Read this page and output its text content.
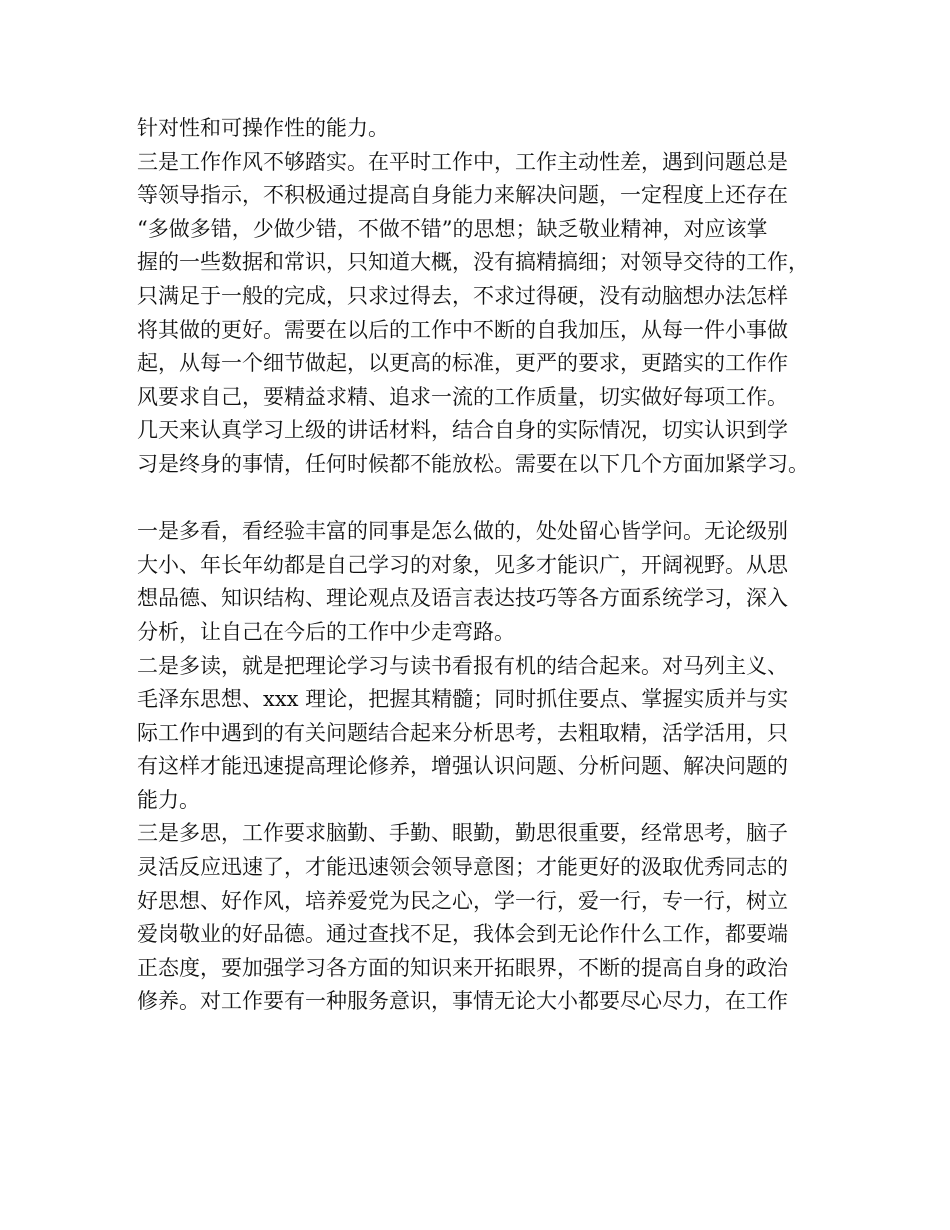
针对性和可操作性的能力。
三是工作作风不够踏实。在平时工作中，工作主动性差，遇到问题总是
等领导指示，不积极通过提高自身能力来解决问题，一定程度上还存在
“多做多错，少做少错，不做不错”的思想；缺乏敬业精神，对应该掌
握的一些数据和常识，只知道大概，没有搞精搞细；对领导交待的工作，
只满足于一般的完成，只求过得去，不求过得硬，没有动脑想办法怎样
将其做的更好。需要在以后的工作中不断的自我加压，从每一件小事做
起，从每一个细节做起，以更高的标准，更严的要求，更踏实的工作作
风要求自己，要精益求精、追求一流的工作质量，切实做好每项工作。
几天来认真学习上级的讲话材料，结合自身的实际情况，切实认识到学
习是终身的事情，任何时候都不能放松。需要在以下几个方面加紧学习。
一是多看，看经验丰富的同事是怎么做的，处处留心皆学问。无论级别
大小、年长年幼都是自己学习的对象，见多才能识广，开阔视野。从思
想品德、知识结构、理论观点及语言表达技巧等各方面系统学习，深入
分析，让自己在今后的工作中少走弯路。
二是多读，就是把理论学习与读书看报有机的结合起来。对马列主义、
毛泽东思想、xxx 理论，把握其精髓；同时抓住要点、掌握实质并与实
际工作中遇到的有关问题结合起来分析思考，去粗取精，活学活用，只
有这样才能迅速提高理论修养，增强认识问题、分析问题、解决问题的
能力。
三是多思，工作要求脑勤、手勤、眼勤，勤思很重要，经常思考，脑子
灵活反应迅速了，才能迅速领会领导意图；才能更好的汲取优秀同志的
好思想、好作风，培养爱党为民之心，学一行，爱一行，专一行，树立
爱岗敬业的好品德。通过查找不足，我体会到无论作什么工作，都要端
正态度，要加强学习各方面的知识来开拓眼界，不断的提高自身的政治
修养。对工作要有一种服务意识，事情无论大小都要尽心尽力，在工作
